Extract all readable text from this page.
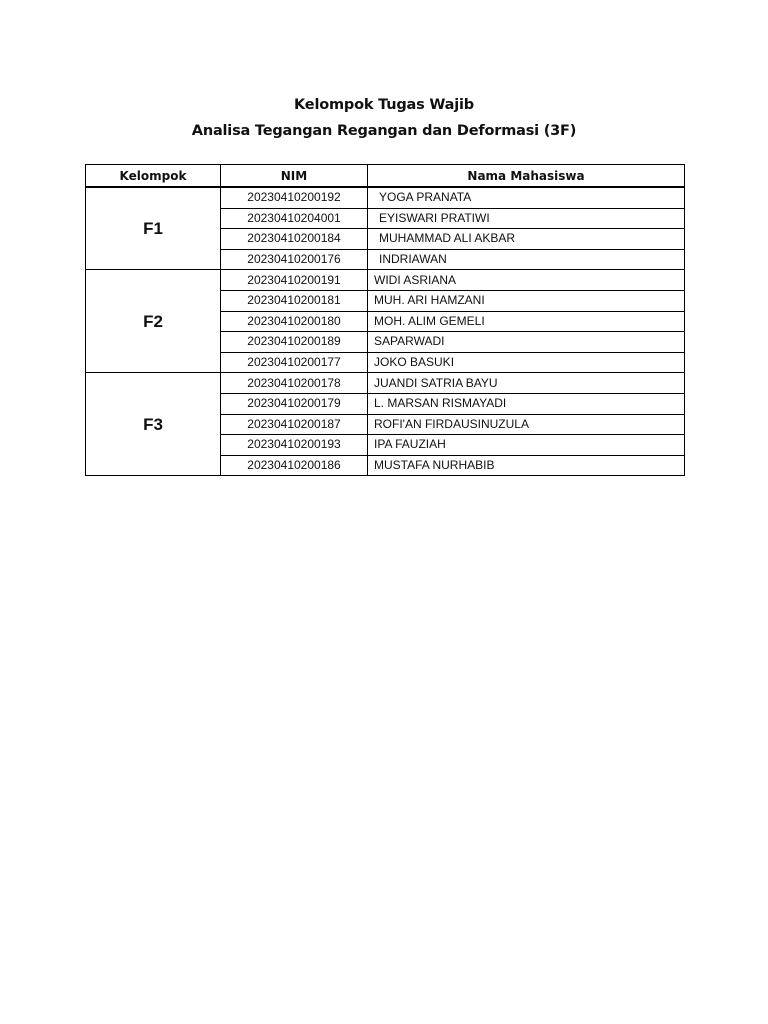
Kelompok Tugas Wajib
Analisa Tegangan Regangan dan Deformasi (3F)
Kelompok	NIM	Nama Mahasiswa
F1	20230410200192	YOGA PRANATA
	20230410204001	EYISWARI PRATIWI
	20230410200184	MUHAMMAD ALI AKBAR
	20230410200176	INDRIAWAN
F2	20230410200191	WIDI ASRIANA
	20230410200181	MUH. ARI HAMZANI
	20230410200180	MOH. ALIM GEMELI
	20230410200189	SAPARWADI
	20230410200177	JOKO BASUKI
F3	20230410200178	JUANDI SATRIA BAYU
	20230410200179	L. MARSAN RISMAYADI
	20230410200187	ROFI'AN FIRDAUSINUZULA
	20230410200193	IPA FAUZIAH
	20230410200186	MUSTAFA NURHABIB
